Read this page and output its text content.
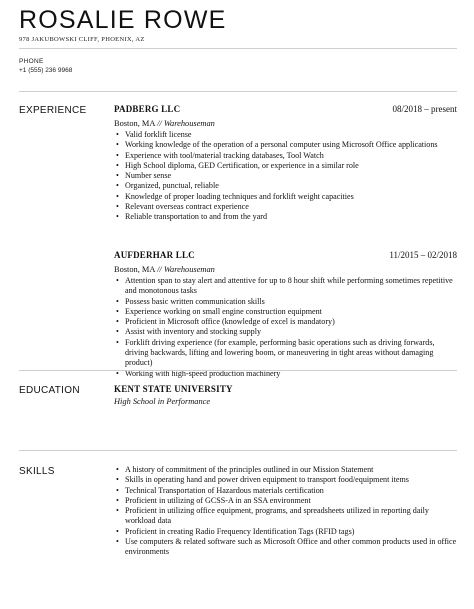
ROSALIE ROWE
978 JAKUBOWSKI CLIFF, PHOENIX, AZ
PHONE
+1 (555) 236 9968
EXPERIENCE	PADBERG LLC	08/2018 – present
Boston, MA // Warehouseman
• Valid forklift license
• Working knowledge of the operation of a personal computer using Microsoft Office applications
• Experience with tool/material tracking databases, Tool Watch
• High School diploma, GED Certification, or experience in a similar role
• Number sense
• Organized, punctual, reliable
• Knowledge of proper loading techniques and forklift weight capacities
• Relevant overseas contract experience
• Reliable transportation to and from the yard
AUFDERHAR LLC	11/2015 – 02/2018
Boston, MA // Warehouseman
• Attention span to stay alert and attentive for up to 8 hour shift while performing sometimes repetitive and monotonous tasks
• Possess basic written communication skills
• Experience working on small engine construction equipment
• Proficient in Microsoft office (knowledge of excel is mandatory)
• Assist with inventory and stocking supply
• Forklift driving experience (for example, performing basic operations such as driving forwards, driving backwards, lifting and lowering boom, or maneuvering in tight areas without damaging product)
• Working with high-speed production machinery
EDUCATION	KENT STATE UNIVERSITY
High School in Performance
SKILLS	• A history of commitment of the principles outlined in our Mission Statement
• Skills in operating hand and power driven equipment to transport food/equipment items
• Technical Transportation of Hazardous materials certification
• Proficient in utilizing of GCSS-A in an SSA environment
• Proficient in utilizing office equipment, programs, and spreadsheets utilized in reporting daily workload data
• Proficient in creating Radio Frequency Identification Tags (RFID tags)
• Use computers & related software such as Microsoft Office and other common products used in office environments
